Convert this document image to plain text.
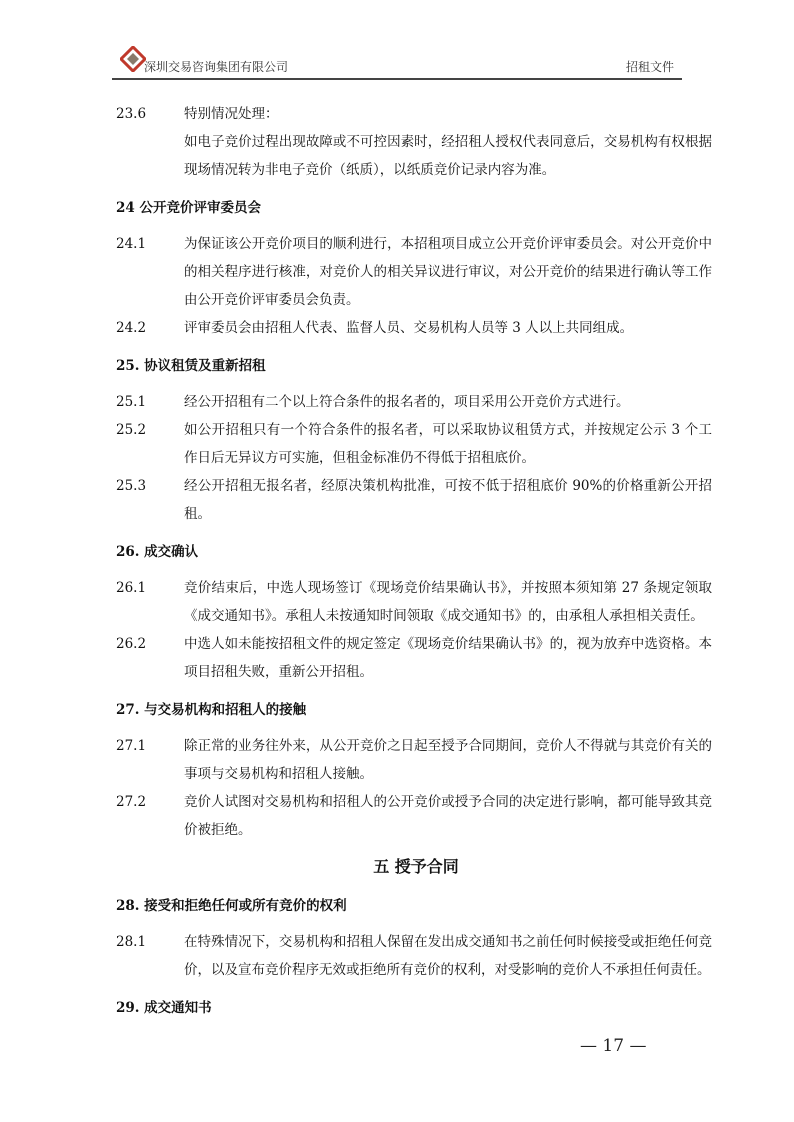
深圳交易咨询集团有限公司	招租文件
23.6	特别情况处理：
如电子竞价过程出现故障或不可控因素时，经招租人授权代表同意后，交易机构有权根据现场情况转为非电子竞价（纸质），以纸质竞价记录内容为准。
24 公开竞价评审委员会
24.1	为保证该公开竞价项目的顺利进行，本招租项目成立公开竞价评审委员会。对公开竞价中的相关程序进行核准，对竞价人的相关异议进行审议，对公开竞价的结果进行确认等工作由公开竞价评审委员会负责。
24.2	评审委员会由招租人代表、监督人员、交易机构人员等 3 人以上共同组成。
25. 协议租赁及重新招租
25.1	经公开招租有二个以上符合条件的报名者的，项目采用公开竞价方式进行。
25.2	如公开招租只有一个符合条件的报名者，可以采取协议租赁方式，并按规定公示 3 个工作日后无异议方可实施，但租金标准仍不得低于招租底价。
25.3	经公开招租无报名者，经原决策机构批准，可按不低于招租底价 90%的价格重新公开招租。
26. 成交确认
26.1	竞价结束后，中选人现场签订《现场竞价结果确认书》，并按照本须知第 27 条规定领取《成交通知书》。承租人未按通知时间领取《成交通知书》的，由承租人承担相关责任。
26.2	中选人如未能按招租文件的规定签定《现场竞价结果确认书》的，视为放弃中选资格。本项目招租失败，重新公开招租。
27. 与交易机构和招租人的接触
27.1	除正常的业务往外来，从公开竞价之日起至授予合同期间，竞价人不得就与其竞价有关的事项与交易机构和招租人接触。
27.2	竞价人试图对交易机构和招租人的公开竞价或授予合同的决定进行影响，都可能导致其竞价被拒绝。
五 授予合同
28. 接受和拒绝任何或所有竞价的权利
28.1	在特殊情况下，交易机构和招租人保留在发出成交通知书之前任何时候接受或拒绝任何竞价，以及宣布竞价程序无效或拒绝所有竞价的权利，对受影响的竞价人不承担任何责任。
29. 成交通知书
— 17 —
